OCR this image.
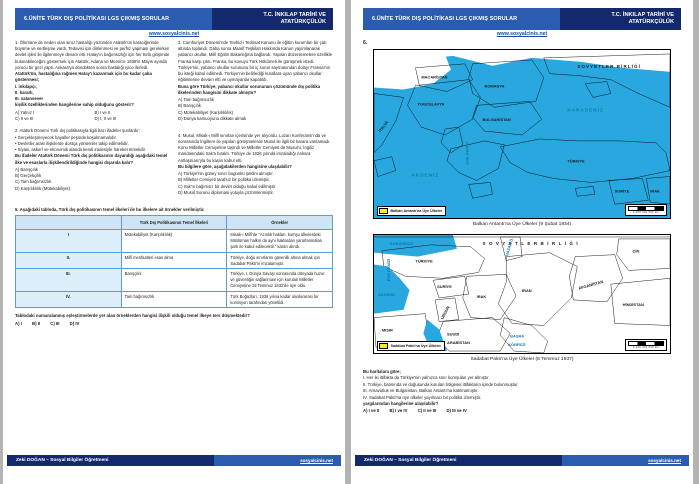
6.ÜNİTE TÜRK DIŞ POLİTİKASI LGS ÇIKMIŞ SORULAR
T.C. İNKILAP TARİHİ VE
ATATÜRKÇÜLÜK
www.sosyalcinis.net

1. Ölümüne de neden olan siroz hastalığı yüzünden Atatürk'ün karaciğerinde büyüme ve sertleşme vardı. Tedavisi için dinlenmesi ve perhiz yapması gerekirken devlet işleri ile ilgilenmeye devam etti. Hatay'ın bağımsızlığı için her türlü girişimde bulunabileceğini göstermek için Atatürk, Adana ve Mersin'e 1938'in Mayıs ayında yorucu bir gezi yaptı. Ankara'ya döndükten sonra hastalığı iyice ilerledi.

Atatürk'ün, hastalığına rağmen Hatay'ı kazanmak için bu kadar çaba göstermesi;

I. inkılapçı,

II. kararlı,

III. vatansever

kişilik özelliklerinden hangilerine sahip olduğunu gösterir?

A) Yalnız I	B) I ve II
C) II ve III	D) I, II ve III

2. Atatürk Dönemi Türk dış politikasıyla ilgili bazı ifadeler şunlardır:

• Gerçekleşmeyecek hayaller peşinde koşulmamalıdır.

• Devletler arası ilişkilerde dostça yöntemler takip edilmelidir.

• Siyasi, askerî ve ekonomik alanda kendi iradesiyle hareket etmelidir.

Bu ifadeler Atatürk Dönemi Türk dış politikasının dayandığı aşağıdaki temel ilke ve esaslarla ilişkilendirildiğinde hangisi dışarıda kalır?

A) Barışçılık
B) Gerçekçilik
C) Tam bağımsızlık
D) Karşılıklılık (Mütekabiliyet)

3. Cumhuriyet Dönemi'nde Tevhid-i Tedrisat Kanunu ile eğitim kurumları bir çatı altında toplandı. Daha sonra Maarif Teşkilatı Hakkında Kanun yayımlanarak yabancı okullar, Millî Eğitim Bakanlığına bağlandı. Yapılan düzenlemelere özellikle Fransa karşı çıktı. Fransa, bu konuyu Türk Hükûmeti ile görüşmek istedi. Türkiye'nin, yabancı okullar sorununu bir iç sorun saymasından dolayı Fransa'nın bu isteği kabul edilmedi. Türkiye'nin belirlediği kurallara uyan yabancı okullar eğitimlerine devam etti ve uymayanlar kapatıldı.

Buna göre Türkiye, yabancı okullar sorununun çözümünde dış politika ilkelerinden hangisini dikkate almıştır?

A) Tam bağımsızlık
B) Barışçılık
C) Mütekabiliyet (Karşılıklılık)
D) Dünya kamuoyunu dikkate almak

4. Musul, Misak-ı Millî sınırları içerisinde yer alıyordu. Lozan Konferansı'nda ve sonrasında İngiltere ile yapılan görüşmelerde Musul ile ilgili bir karara varılamadı. Konu Milletler Cemiyetine taşındı ve Milletler Cemiyeti de Musul'u, İngiliz mandasındaki Irak'a bıraktı. Türkiye de 1926 yılında imzaladığı Ankara Antlaşması'yla bu kararı kabul etti.

Bu bilgilere göre, aşağıdakilerden hangisine ulaşılabilir?

A) Türkiye'nin güney sınırı bugünkü şeklini almıştır.
B) Milletler Cemiyeti tarafsız bir politika izlemiştir.
C) Irak'ın bağımsız bir devlet olduğu kabul edilmiştir.
D) Musul Sorunu diplomasi yoluyla çözümlenmiştir.
5. Aşağıdaki tabloda, Türk dış politikasının temel ilkeleri ile bu ilkelere ait örnekler verilmiştir.
	Türk Dış Politikasının Temel İlkeleri	Örnekler
I	Mütekabiliyet (Karşılıklılık)	Misak-ı Millî'de "Azınlık hakları, komşu ülkelerdeki Müslüman halkın da aynı haklardan yararlanmaları şartı ile kabul edilecektir." kararı alındı.
II.	Millî menfaatleri esas alma	Türkiye, doğu sınırlarını güvenlik altına almak için Sadabat Paktı'nı imzalamıştır.
III.	Barışçılık	Türkiye, I. Dünya Savaşı sonrasında dünyada huzur ve güvenliğin sağlanması için kurulan Milletler Cemiyetine 18 Temmuz 1932'de üye oldu.
IV.	Tam bağımsızlık	Türk Boğazları, 1936 yılına kadar uluslararası bir komisyon tarafından yönetildi.
Tablodaki numaralanmış eşleştirmelerde yer alan örneklerden hangisi ilişkili olduğu temel ilkeye ters düşmektedir?
A) I B) II C) III D) IV
Zeki DOĞAN – Sosyal Bilgiler Öğretmeni	sosyalcinis.net
6.ÜNİTE TÜRK DIŞ POLİTİKASI LGS ÇIKMIŞ SORULAR
T.C. İNKILAP TARİHİ VE
ATATÜRKÇÜLÜK
www.sosyalcinis.net
6.
MACARİSTAN
ROMANYA
YUGOSLAVYA
BULGARİSTAN
İTALYA
SOVYETLER BİRLİĞİ
KARADENİZ
TÜRKİYE
SURİYE	IRAK
AKDENİZ
EGE DENİZİ
Balkan Antantı'na Üye Ülkeler	0 200 400 600 km
Balkan Antantı'na Üye Ülkeler (9 Şubat 1934)
KARADENİZ	S O V Y E T L E R B İ R L İ Ğ İ
TÜRKİYE
EGE DENİZİ
AKDENİZ
SURİYE
ÜRDÜN
IRAK
İRAN
HAZAR D.
AFGANİSTAN
ÇİN
HİNDİSTAN
MISIR
SUUDİ
ARABİSTAN
BASRA
KÖRFEZİ
Sadabat Paktı'na Üye Ülkeler	0 200 400 600 km
Sadabat Paktı'na Üye Ülkeler (8 Temmuz 1937)
Bu haritalara göre;
I. Her iki ittifakta da Türkiye'nin yalnızca sınır komşuları yer almıştır.
II. Türkiye, batısında ve doğusunda kurulan bölgesel ittifakların içinde bulunmuştur.
III. Arnavutluk ve Bulgaristan, Balkan Antantı'na katılmamıştır.
IV. Sadabat Paktı'na üye ülkeler yayılmacı bir politika izlemiştir.
yargılarından hangilerine ulaşılabilir?
A) I ve II B) I ve IV C) II ve III D) III ve IV
Zeki DOĞAN – Sosyal Bilgiler Öğretmeni	sosyalcinis.net
